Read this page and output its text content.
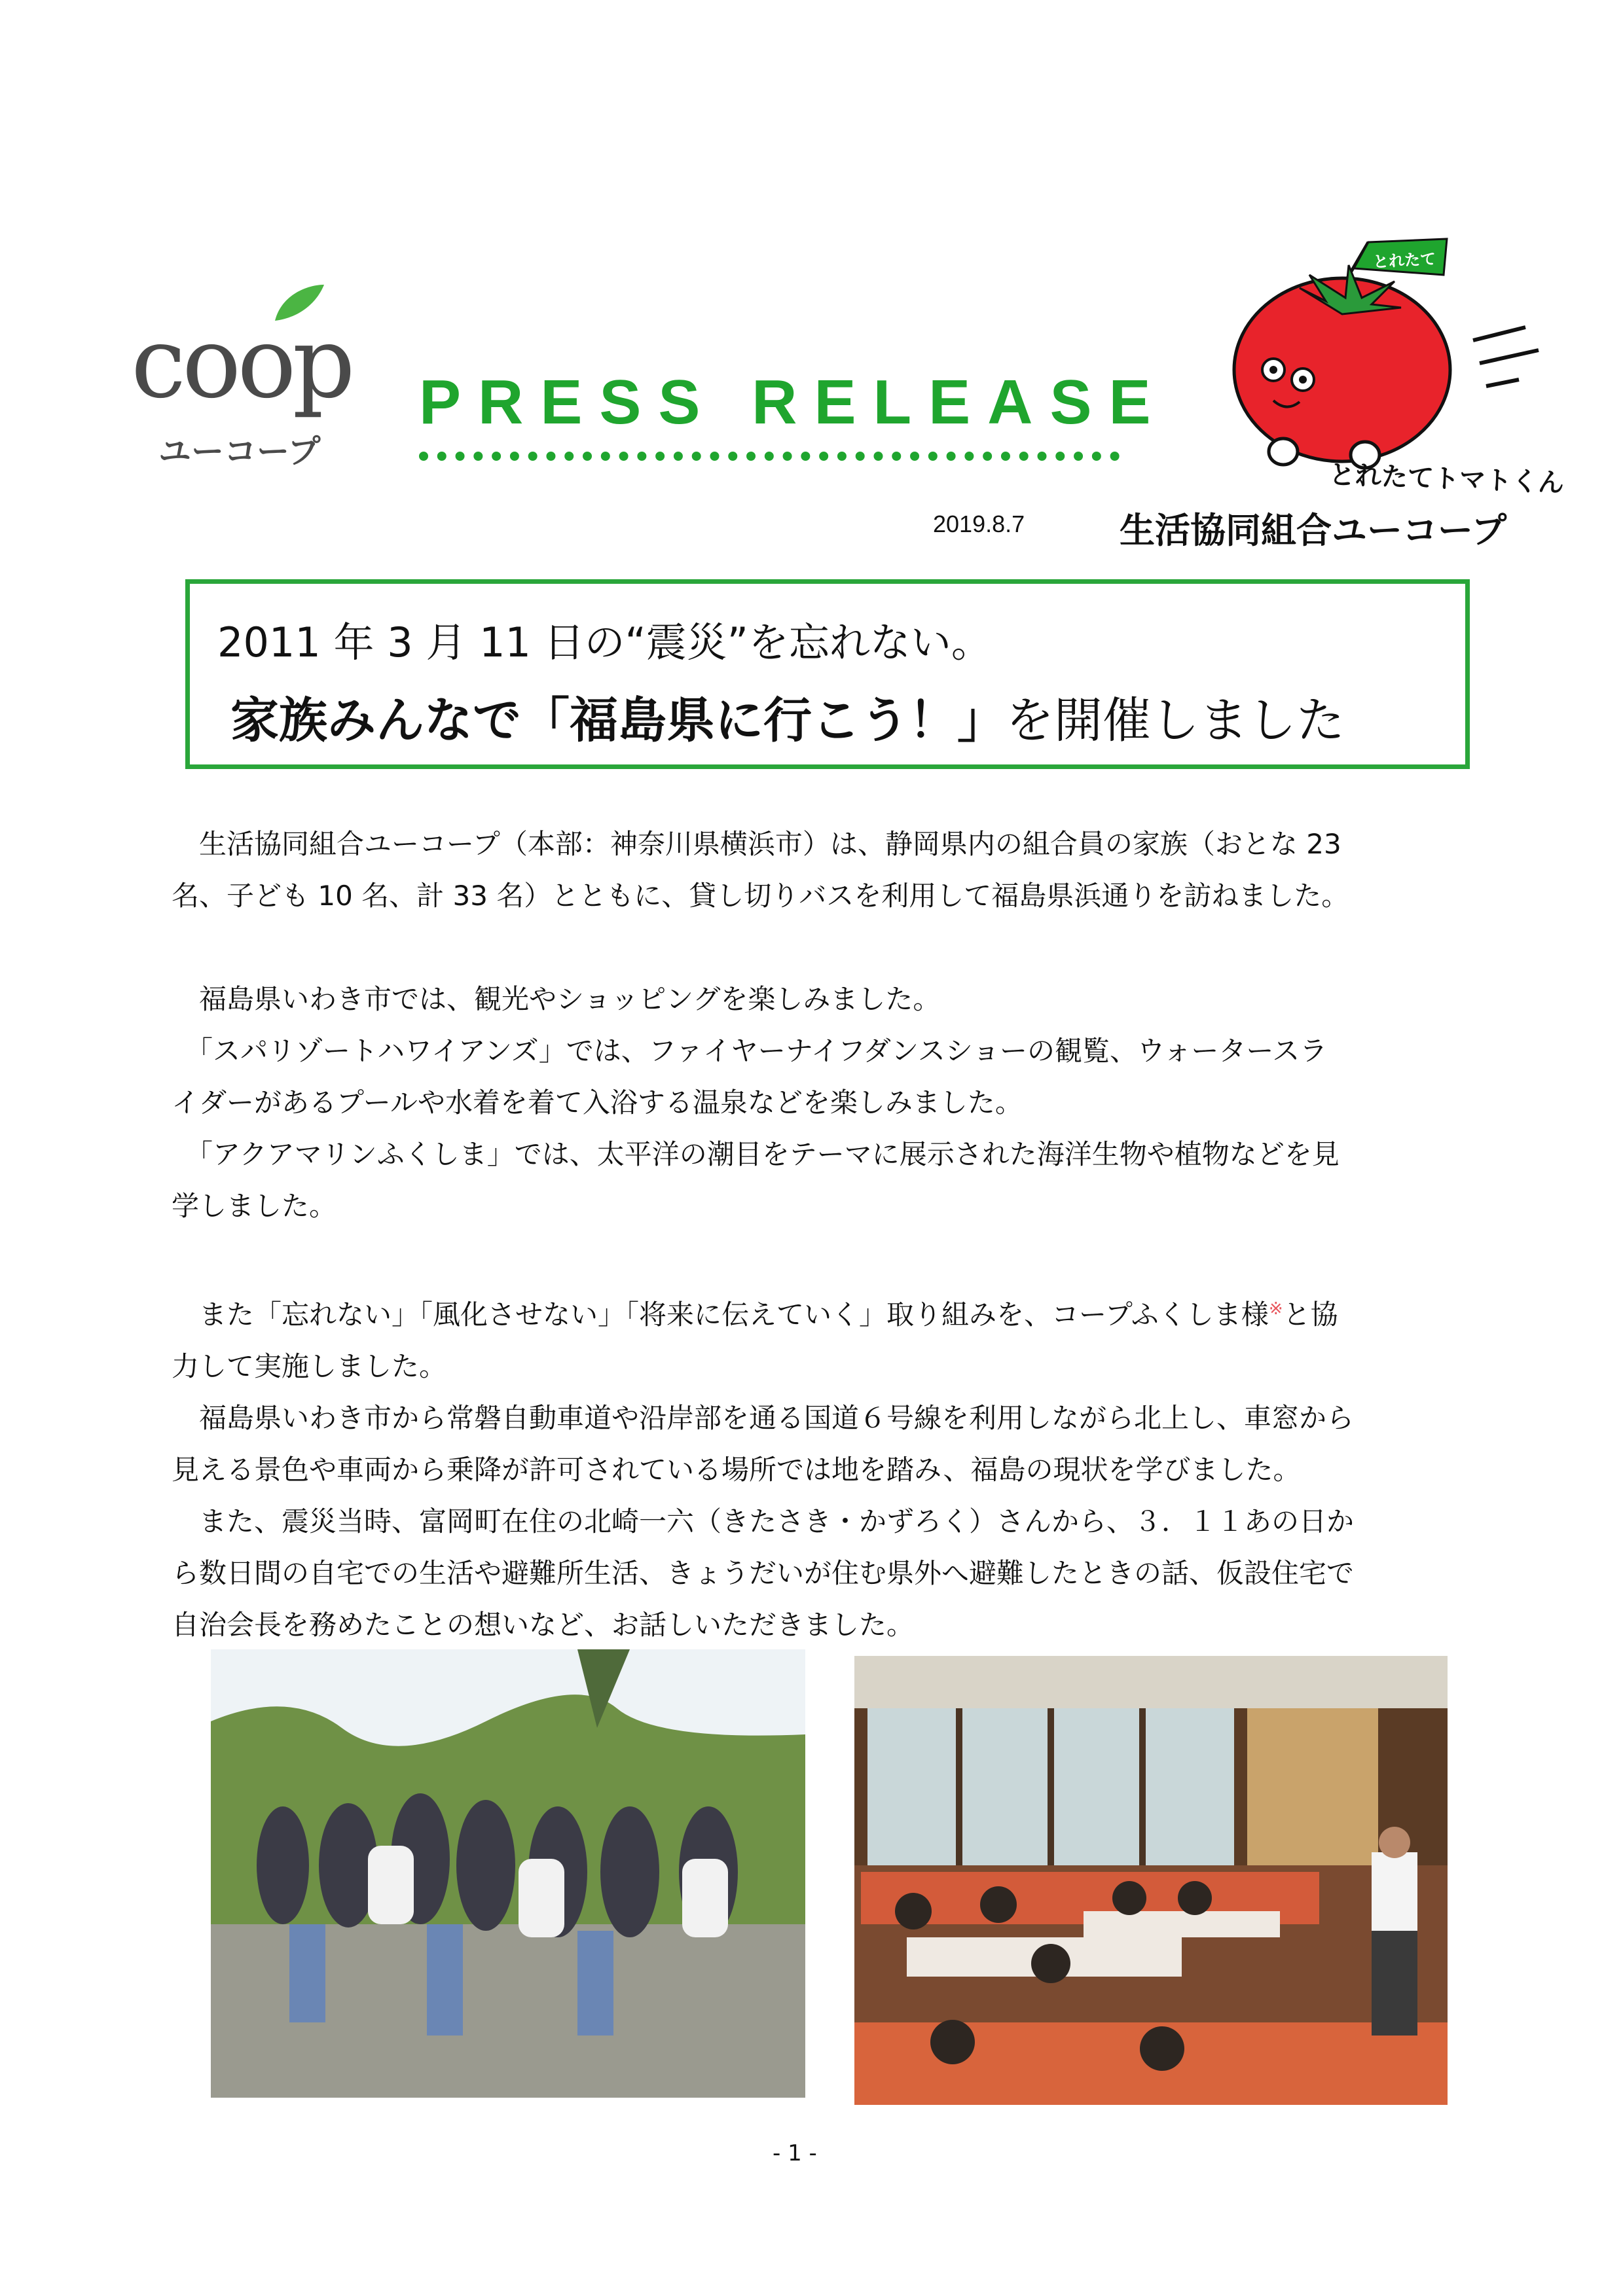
coop
ユーコープ
PRESS RELEASE
とれたて
とれたてトマトくん
2019.8.7	生活協同組合ユーコープ
2011 年 3 月 11 日の“震災”を忘れない。
家族みんなで「福島県に行こう！」を開催しました

　生活協同組合ユーコープ（本部：神奈川県横浜市）は、静岡県内の組合員の家族（おとな 23

名、子ども 10 名、計 33 名）とともに、貸し切りバスを利用して福島県浜通りを訪ねました。

　福島県いわき市では、観光やショッピングを楽しみました。

　「スパリゾートハワイアンズ」では、ファイヤーナイフダンスショーの観覧、ウォータースラ

イダーがあるプールや水着を着て入浴する温泉などを楽しみました。

　「アクアマリンふくしま」では、太平洋の潮目をテーマに展示された海洋生物や植物などを見

学しました。

　また「忘れない」「風化させない」「将来に伝えていく」取り組みを、コープふくしま様※と協

力して実施しました。

　福島県いわき市から常磐自動車道や沿岸部を通る国道６号線を利用しながら北上し、車窓から

見える景色や車両から乗降が許可されている場所では地を踏み、福島の現状を学びました。

　また、震災当時、富岡町在住の北崎一六（きたさき・かずろく）さんから、３．１１あの日か

ら数日間の自宅での生活や避難所生活、きょうだいが住む県外へ避難したときの話、仮設住宅で

自治会長を務めたことの想いなど、お話しいただきました。

- 1 -
